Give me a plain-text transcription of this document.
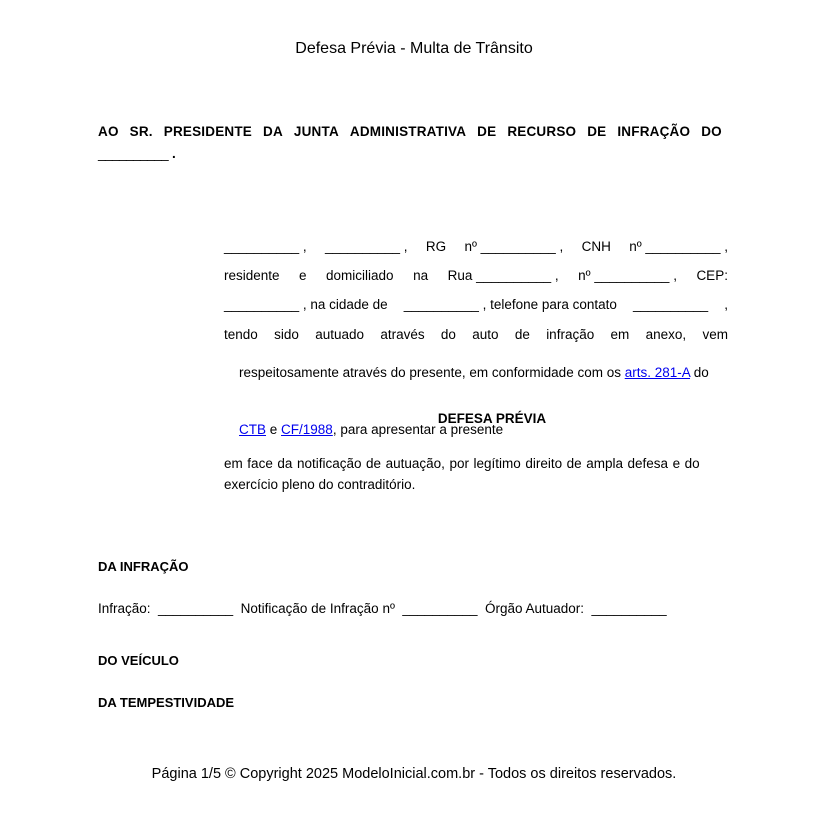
Defesa Prévia - Multa de Trânsito
AO SR. PRESIDENTE DA JUNTA ADMINISTRATIVA DE RECURSO DE INFRAÇÃO DO
__________ .
__________ , __________ , RG nº __________ , CNH nº __________ ,
residente e domiciliado na Rua __________ , nº __________ , CEP:
__________ , na cidade de __________ , telefone para contato __________ ,
tendo sido autuado através do auto de infração em anexo, vem

respeitosamente através do presente, em conformidade com os arts. 281-A do

CTB e CF/1988, para apresentar a presente

DEFESA PRÉVIA
em face da notificação de autuação, por legítimo direito de ampla defesa e do
exercício pleno do contraditório.
DA INFRAÇÃO
Infração:  __________  Notificação de Infração nº  __________  Órgão Autuador:  __________
DO VEÍCULO
DA TEMPESTIVIDADE
Página 1/5 © Copyright 2025 ModeloInicial.com.br - Todos os direitos reservados.
